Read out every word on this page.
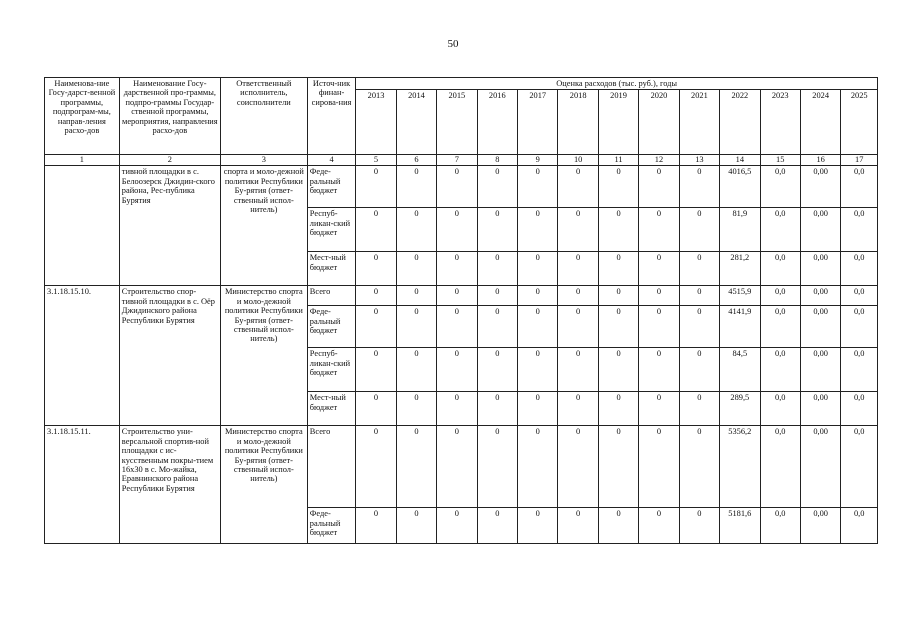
50
Наименова-ние Госу-дарст-венной программы, подпрограм-мы, направ-ления расхо-дов	Наименование Госу-дарственной про-граммы, подпро-граммы Государ-ственной программы, мероприятия, направления расхо-дов	Ответственный исполнитель, соисполнители	Источ-ник финан-сирова-ния	Оценка расходов (тыс. руб.), годы												
				2013	2014	2015	2016	2017	2018	2019	2020	2021	2022	2023	2024	2025
1	2	3	4	5	6	7	8	9	10	11	12	13	14	15	16	17
	тивной площадки в с. Белоозерск Джидин-ского района, Рес-публика Бурятия	спорта и моло-дежной политики Республики Бу-рятия (ответ-ственный испол-нитель)	Феде-ральный бюджет	0	0	0	0	0	0	0	0	0	4016,5	0,0	0,00	0,0
			Респуб-ликан-ский бюджет	0	0	0	0	0	0	0	0	0	81,9	0,0	0,00	0,0
			Мест-ный бюджет	0	0	0	0	0	0	0	0	0	281,2	0,0	0,00	0,0
3.1.18.15.10.	Строительство спор-тивной площадки в с. Оёр Джидинского района Республики Бурятия	Министерство спорта и моло-дежной политики Республики Бу-рятия (ответ-ственный испол-нитель)	Всего	0	0	0	0	0	0	0	0	0	4515,9	0,0	0,00	0,0
			Феде-ральный бюджет	0	0	0	0	0	0	0	0	0	4141,9	0,0	0,00	0,0
			Респуб-ликан-ский бюджет	0	0	0	0	0	0	0	0	0	84,5	0,0	0,00	0,0
			Мест-ный бюджет	0	0	0	0	0	0	0	0	0	289,5	0,0	0,00	0,0
3.1.18.15.11.	Строительство уни-версальной спортив-ной площадки с ис-кусственным покры-тием 16х30 в с. Мо-жайка, Еравнинского района Республики Бурятия	Министерство спорта и моло-дежной политики Республики Бу-рятия (ответ-ственный испол-нитель)	Всего	0	0	0	0	0	0	0	0	0	5356,2	0,0	0,00	0,0
			Феде-ральный бюджет	0	0	0	0	0	0	0	0	0	5181,6	0,0	0,00	0,0
